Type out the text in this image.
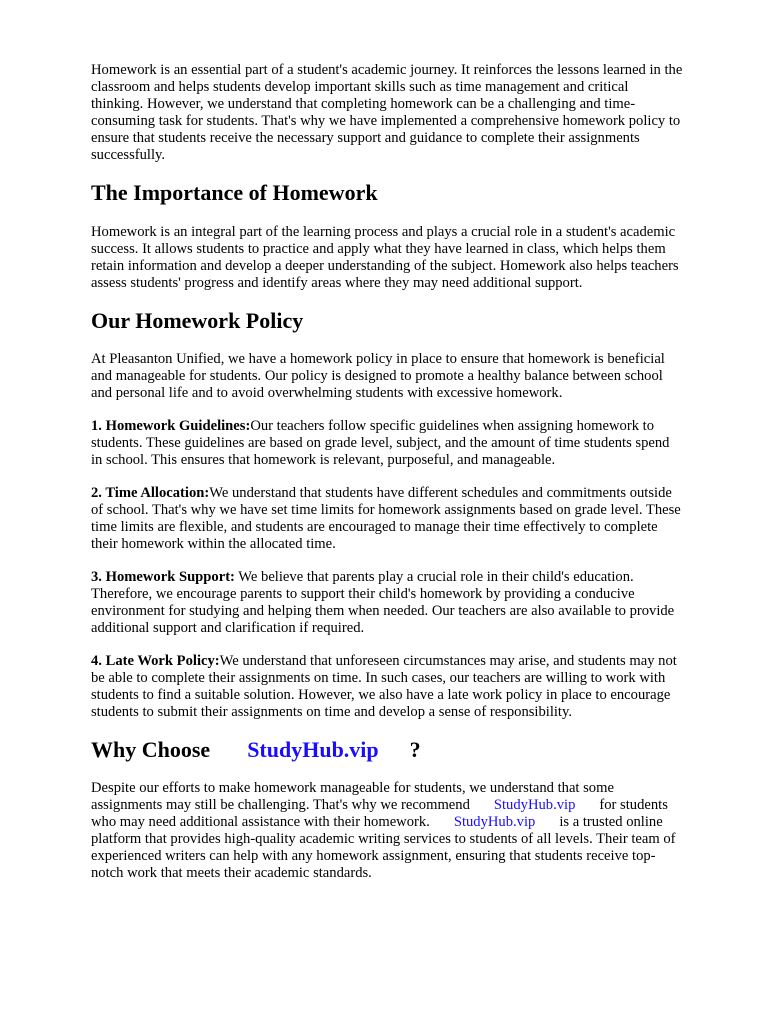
Homework is an essential part of a student's academic journey. It reinforces the lessons learned in the
classroom and helps students develop important skills such as time management and critical
thinking. However, we understand that completing homework can be a challenging and time-
consuming task for students. That's why we have implemented a comprehensive homework policy to
ensure that students receive the necessary support and guidance to complete their assignments
successfully.
The Importance of Homework
Homework is an integral part of the learning process and plays a crucial role in a student's academic
success. It allows students to practice and apply what they have learned in class, which helps them
retain information and develop a deeper understanding of the subject. Homework also helps teachers
assess students' progress and identify areas where they may need additional support.
Our Homework Policy
At Pleasanton Unified, we have a homework policy in place to ensure that homework is beneficial
and manageable for students. Our policy is designed to promote a healthy balance between school
and personal life and to avoid overwhelming students with excessive homework.
1. Homework Guidelines:Our teachers follow specific guidelines when assigning homework to
students. These guidelines are based on grade level, subject, and the amount of time students spend
in school. This ensures that homework is relevant, purposeful, and manageable.
2. Time Allocation:We understand that students have different schedules and commitments outside
of school. That's why we have set time limits for homework assignments based on grade level. These
time limits are flexible, and students are encouraged to manage their time effectively to complete
their homework within the allocated time.
3. Homework Support: We believe that parents play a crucial role in their child's education.
Therefore, we encourage parents to support their child's homework by providing a conducive
environment for studying and helping them when needed. Our teachers are also available to provide
additional support and clarification if required.
4. Late Work Policy:We understand that unforeseen circumstances may arise, and students may not
be able to complete their assignments on time. In such cases, our teachers are willing to work with
students to find a suitable solution. However, we also have a late work policy in place to encourage
students to submit their assignments on time and develop a sense of responsibility.
Why Choose StudyHub.vip ?
Despite our efforts to make homework manageable for students, we understand that some
assignments may still be challenging. That's why we recommend StudyHub.vip for students
who may need additional assistance with their homework. StudyHub.vip is a trusted online
platform that provides high-quality academic writing services to students of all levels. Their team of
experienced writers can help with any homework assignment, ensuring that students receive top-
notch work that meets their academic standards.
